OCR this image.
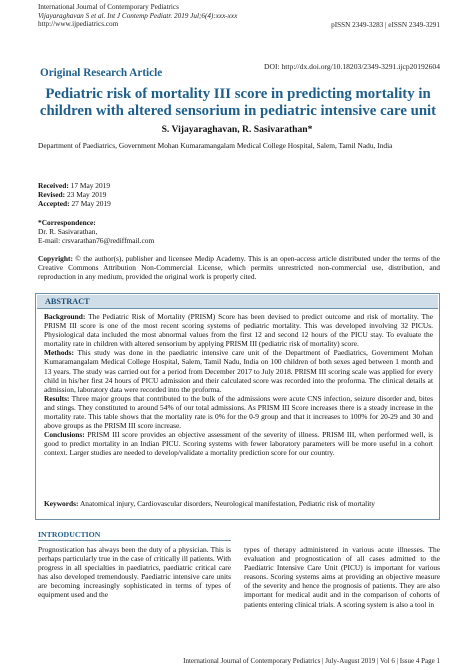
International Journal of Contemporary Pediatrics
Vijayaraghavan S et al. Int J Contemp Pediatr. 2019 Jul;6(4):xxx-xxx
http://www.ijpediatrics.com	pISSN 2349-3283 | eISSN 2349-3291
Original Research Article
DOI: http://dx.doi.org/10.18203/2349-3291.ijcp20192604
Pediatric risk of mortality III score in predicting mortality in children with altered sensorium in pediatric intensive care unit
S. Vijayaraghavan, R. Sasivarathan*
Department of Paediatrics, Government Mohan Kumaramangalam Medical College Hospital, Salem, Tamil Nadu, India
Received: 17 May 2019
Revised: 23 May 2019
Accepted: 27 May 2019
*Correspondence:
Dr. R. Sasivarathan,
E-mail: crsvarathan76@rediffmail.com
Copyright: © the author(s), publisher and licensee Medip Academy. This is an open-access article distributed under the terms of the Creative Commons Attribution Non-Commercial License, which permits unrestricted non-commercial use, distribution, and reproduction in any medium, provided the original work is properly cited.
ABSTRACT

Background: The Pediatric Risk of Mortality (PRISM) Score has been devised to predict outcome and risk of mortality. The PRISM III score is one of the most recent scoring systems of pediatric mortality. This was developed involving 32 PICUs. Physiological data included the most abnormal values from the first 12 and second 12 hours of the PICU stay. To evaluate the mortality rate in children with altered sensorium by applying PRISM III (pediatric risk of mortality) score.

Methods: This study was done in the paediatric intensive care unit of the Department of Paediatrics, Government Mohan Kumaramangalam Medical College Hospital, Salem, Tamil Nadu, India on 100 children of both sexes aged between 1 month and 13 years. The study was carried out for a period from December 2017 to July 2018. PRISM III scoring scale was applied for every child in his/her first 24 hours of PICU admission and their calculated score was recorded into the proforma. The clinical details at admission, laboratory data were recorded into the proforma.

Results: Three major groups that contributed to the bulk of the admissions were acute CNS infection, seizure disorder and, bites and stings. They constituted to around 54% of our total admissions. As PRISM III Score increases there is a steady increase in the mortality rate. This table shows that the mortality rate is 0% for the 0-9 group and that it increases to 100% for 20-29 and 30 and above groups as the PRISM III score increase.

Conclusions: PRISM III score provides an objective assessment of the severity of illness. PRISM III, when performed well, is good to predict mortality in an Indian PICU. Scoring systems with fewer laboratory parameters will be more useful in a cohort context. Larger studies are needed to develop/validate a mortality prediction score for our country.

Keywords: Anatomical injury, Cardiovascular disorders, Neurological manifestation, Pediatric risk of mortality
INTRODUCTION
Prognostication has always been the duty of a physician. This is perhaps particularly true in the case of critically ill patients. With progress in all specialties in paediatrics, paediatric critical care has also developed tremendously. Paediatric intensive care units are becoming increasingly sophisticated in terms of types of equipment used and the
types of therapy administered in various acute illnesses. The evaluation and prognostication of all cases admitted to the Paediatric Intensive Care Unit (PICU) is important for various reasons. Scoring systems aims at providing an objective measure of the severity and hence the prognosis of patients. They are also important for medical audit and in the comparison of cohorts of patients entering clinical trials. A scoring system is also a tool in
International Journal of Contemporary Pediatrics | July-August 2019 | Vol 6 | Issue 4 Page 1
